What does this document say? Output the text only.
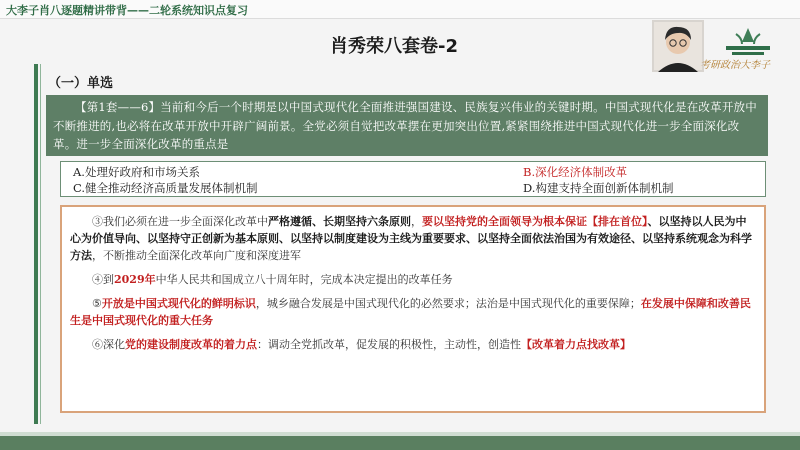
大李子肖八逐题精讲带背——二轮系统知识点复习
肖秀荣八套卷-2
考研政治大李子
（一）单选
【第1套——6】当前和今后一个时期是以中国式现代化全面推进强国建设、民族复兴伟业的关键时期。中国式现代化是在改革开放中不断推进的,也必将在改革开放中开辟广阔前景。全党必须自觉把改革摆在更加突出位置,紧紧围绕推进中国式现代化进一步全面深化改革。进一步全面深化改革的重点是
A.处理好政府和市场关系	B.深化经济体制改革
C.健全推动经济高质量发展体制机制	D.构建支持全面创新体制机制

③我们必须在进一步全面深化改革中严格遵循、长期坚持六条原则，要以坚持党的全面领导为根本保证【排在首位】、以坚持以人民为中心为价值导向、以坚持守正创新为基本原则、以坚持以制度建设为主线为重要要求、以坚持全面依法治国为有效途径、以坚持系统观念为科学方法，不断推动全面深化改革向广度和深度进军

④到2029年中华人民共和国成立八十周年时，完成本决定提出的改革任务

⑤开放是中国式现代化的鲜明标识，城乡融合发展是中国式现代化的必然要求；法治是中国式现代化的重要保障；在发展中保障和改善民生是中国式现代化的重大任务

⑥深化党的建设制度改革的着力点：调动全党抓改革，促发展的积极性，主动性，创造性【改革着力点找改革】
